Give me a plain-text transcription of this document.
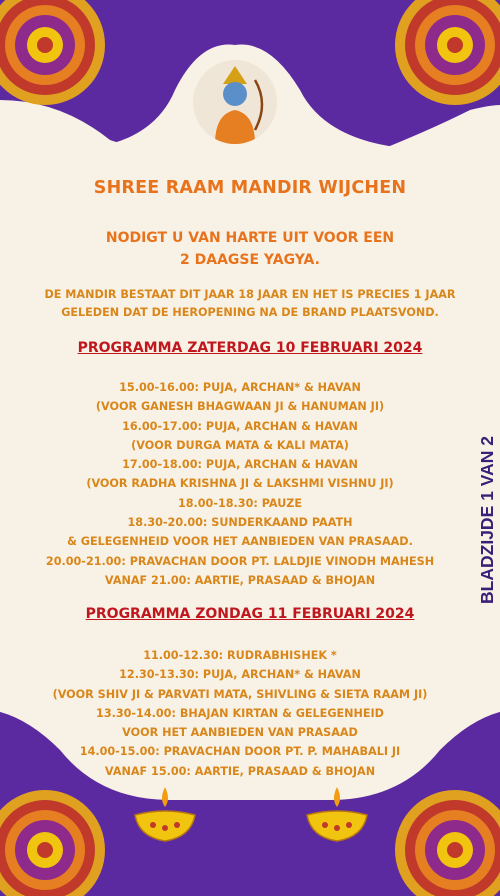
SHREE RAAM MANDIR WIJCHEN
NODIGT U VAN HARTE UIT VOOR EEN
2 DAAGSE YAGYA.
DE MANDIR BESTAAT DIT JAAR 18 JAAR EN HET IS PRECIES 1 JAAR
GELEDEN DAT DE HEROPENING NA DE BRAND PLAATSVOND.
PROGRAMMA ZATERDAG 10 FEBRUARI 2024
15.00-16.00: PUJA, ARCHAN* & HAVAN
(VOOR GANESH BHAGWAAN JI & HANUMAN JI)
16.00-17.00: PUJA, ARCHAN & HAVAN
(VOOR DURGA MATA & KALI MATA)
17.00-18.00: PUJA, ARCHAN & HAVAN
(VOOR RADHA KRISHNA JI & LAKSHMI VISHNU JI)
18.00-18.30: PAUZE
18.30-20.00: SUNDERKAAND PAATH
& GELEGENHEID VOOR HET AANBIEDEN VAN PRASAAD.
20.00-21.00: PRAVACHAN DOOR PT. LALDJIE VINODH MAHESH
VANAF 21.00: AARTIE, PRASAAD & BHOJAN
PROGRAMMA ZONDAG 11 FEBRUARI 2024
11.00-12.30: RUDRABHISHEK *
12.30-13.30: PUJA, ARCHAN* & HAVAN
(VOOR SHIV JI & PARVATI MATA, SHIVLING & SIETA RAAM JI)
13.30-14.00: BHAJAN KIRTAN & GELEGENHEID
VOOR HET AANBIEDEN VAN PRASAAD
14.00-15.00: PRAVACHAN DOOR PT. P. MAHABALI JI
VANAF 15.00: AARTIE, PRASAAD & BHOJAN
BLADZIJDE 1 VAN 2
